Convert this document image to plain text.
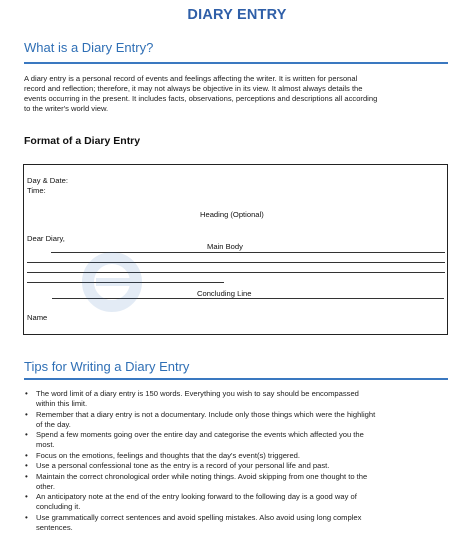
DIARY ENTRY
What is a Diary Entry?
A diary entry is a personal record of events and feelings affecting the writer. It is written for personal
record and reflection; therefore, it may not always be objective in its view. It almost always details the
events occurring in the present. It includes facts, observations, perceptions and descriptions all according
to the writer's world view.
Format of a Diary Entry
Day & Date:
Time:
Heading (Optional)
Dear Diary,
Main Body
Concluding Line
Name
Tips for Writing a Diary Entry
• The word limit of a diary entry is 150 words. Everything you wish to say should be encompassed
within this limit.
• Remember that a diary entry is not a documentary. Include only those things which were the highlight
of the day.
• Spend a few moments going over the entire day and categorise the events which affected you the
most.
• Focus on the emotions, feelings and thoughts that the day's event(s) triggered.
• Use a personal confessional tone as the entry is a record of your personal life and past.
• Maintain the correct chronological order while noting things. Avoid skipping from one thought to the
other.
• An anticipatory note at the end of the entry looking forward to the following day is a good way of
concluding it.
• Use grammatically correct sentences and avoid spelling mistakes. Also avoid using long complex
sentences.
